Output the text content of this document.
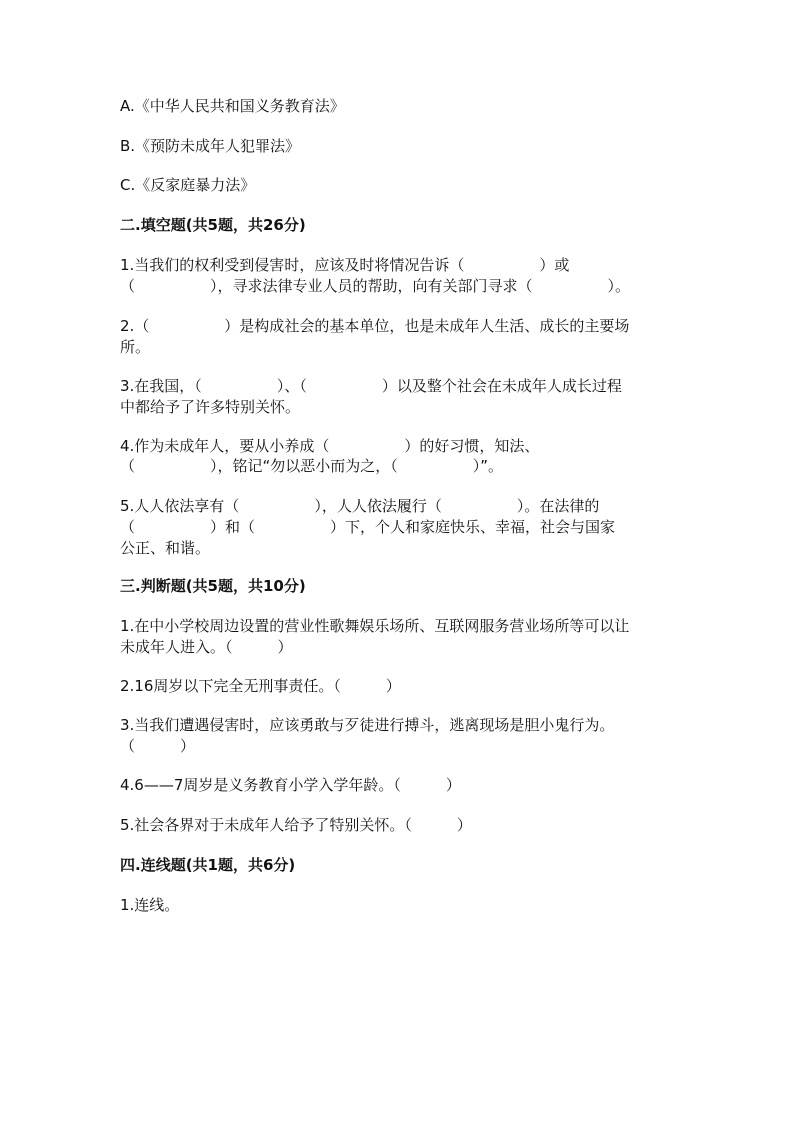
A.《中华人民共和国义务教育法》
B.《预防未成年人犯罪法》
C.《反家庭暴力法》
二.填空题(共5题，共26分)
1.当我们的权利受到侵害时，应该及时将情况告诉（　　　　　）或
（　　　　　），寻求法律专业人员的帮助，向有关部门寻求（　　　　　）。
2.（　　　　　）是构成社会的基本单位，也是未成年人生活、成长的主要场
所。
3.在我国，（　　　　　）、（　　　　　）以及整个社会在未成年人成长过程
中都给予了许多特别关怀。
4.作为未成年人，要从小养成（　　　　　）的好习惯，知法、
（　　　　　），铭记“勿以恶小而为之，（　　　　　）”。
5.人人依法享有（　　　　　），人人依法履行（　　　　　）。在法律的
（　　　　　）和（　　　　　）下，个人和家庭快乐、幸福，社会与国家
公正、和谐。
三.判断题(共5题，共10分)
1.在中小学校周边设置的营业性歌舞娱乐场所、互联网服务营业场所等可以让
未成年人进入。（　　　）
2.16周岁以下完全无刑事责任。（　　　）
3.当我们遭遇侵害时，应该勇敢与歹徒进行搏斗，逃离现场是胆小鬼行为。
（　　　）
4.6——7周岁是义务教育小学入学年龄。（　　　）
5.社会各界对于未成年人给予了特别关怀。（　　　）
四.连线题(共1题，共6分)
1.连线。
